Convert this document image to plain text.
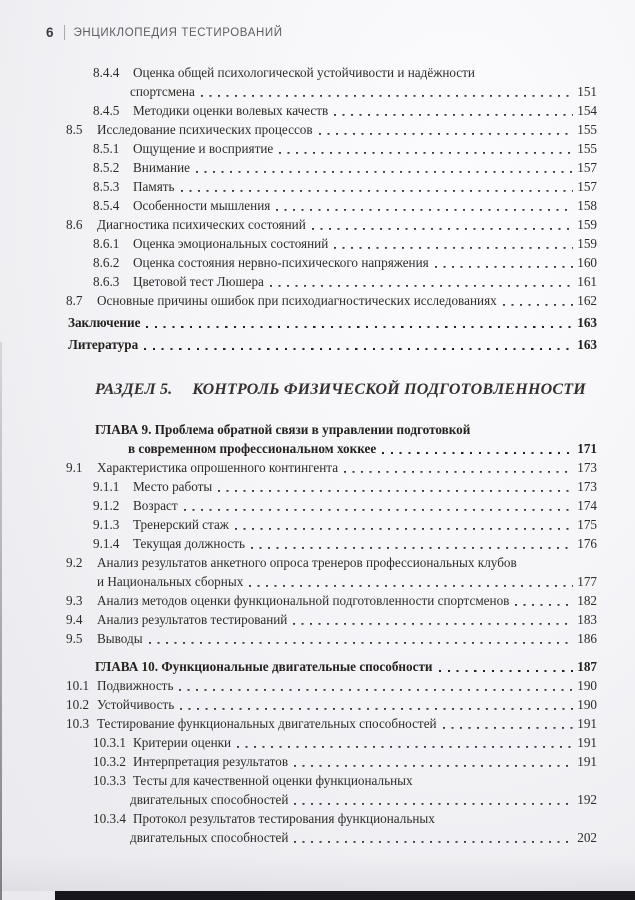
6 ЭНЦИКЛОПЕДИЯ ТЕСТИРОВАНИЙ
8.4.4	Оценка общей психологической устойчивости и надёжности
спортсмена	151
8.4.5	Методики оценки волевых качеств	154
8.5	Исследование психических процессов	155
8.5.1	Ощущение и восприятие	155
8.5.2	Внимание	157
8.5.3	Память	157
8.5.4	Особенности мышления	158
8.6	Диагностика психических состояний	159
8.6.1	Оценка эмоциональных состояний	159
8.6.2	Оценка состояния нервно-психического напряжения	160
8.6.3	Цветовой тест Люшера	161
8.7	Основные причины ошибок при психодиагностических исследованиях	162
Заключение	163
Литература	163
РАЗДЕЛ 5. КОНТРОЛЬ ФИЗИЧЕСКОЙ ПОДГОТОВЛЕННОСТИ
ГЛАВА 9. Проблема обратной связи в управлении подготовкой
в современном профессиональном хоккее	171
9.1	Характеристика опрошенного контингента	173
9.1.1	Место работы	173
9.1.2	Возраст	174
9.1.3	Тренерский стаж	175
9.1.4	Текущая должность	176
9.2	Анализ результатов анкетного опроса тренеров профессиональных клубов
и Национальных сборных	177
9.3	Анализ методов оценки функциональной подготовленности спортсменов	182
9.4	Анализ результатов тестирований	183
9.5	Выводы	186
ГЛАВА 10. Функциональные двигательные способности	187
10.1 Подвижность	190
10.2 Устойчивость	190
10.3 Тестирование функциональных двигательных способностей	191
10.3.1 Критерии оценки	191
10.3.2 Интерпретация результатов	191
10.3.3 Тесты для качественной оценки функциональных
двигательных способностей	192
10.3.4 Протокол результатов тестирования функциональных
двигательных способностей	202
